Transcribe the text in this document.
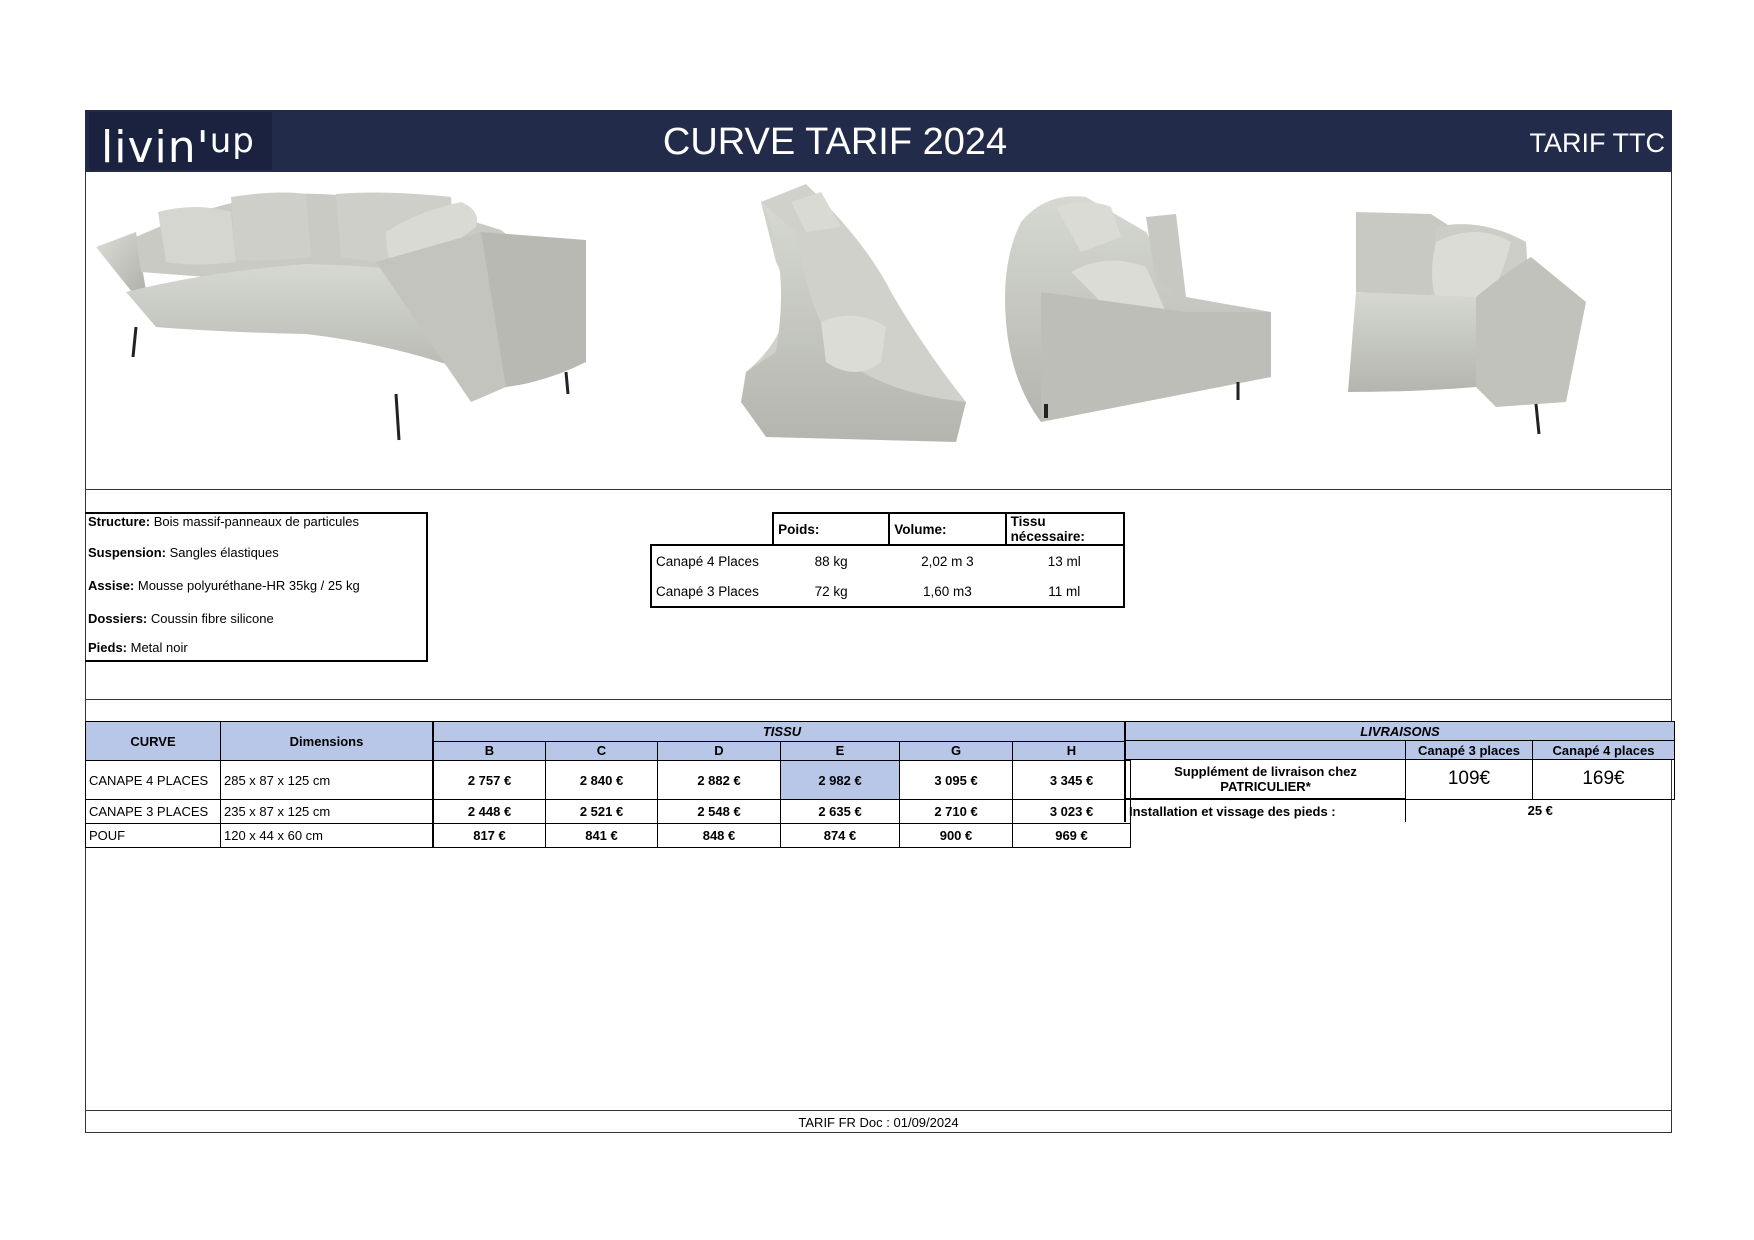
$livin'^{up}$	CURVE TARIF 2024	TARIF TTC
Structure: Bois massif-panneaux de particules
Suspension: Sangles élastiques
Assise: Mousse polyuréthane-HR 35kg / 25 kg
Dossiers: Coussin fibre silicone
Pieds: Metal noir
	Poids:	Volume:	Tissu nécessaire:
Canapé 4 Places	88 kg	2,02 m 3	13 ml
Canapé 3 Places	72 kg	1,60 m3	11 ml
CURVE	Dimensions	TISSU					
		B	C	D	E	G	H
CANAPE 4 PLACES	285 x 87 x 125 cm	2 757 €	2 840 €	2 882 €	2 982 €	3 095 €	3 345 €
CANAPE 3 PLACES	235 x 87 x 125 cm	2 448 €	2 521 €	2 548 €	2 635 €	2 710 €	3 023 €
POUF	120 x 44 x 60 cm	817 €	841 €	848 €	874 €	900 €	969 €
LIVRAISONS		
	Canapé 3 places	Canapé 4 places
Supplément de livraison chez PATRICULIER*	109€	169€
Installation et vissage des pieds :	25 €	
TARIF FR Doc : 01/09/2024
